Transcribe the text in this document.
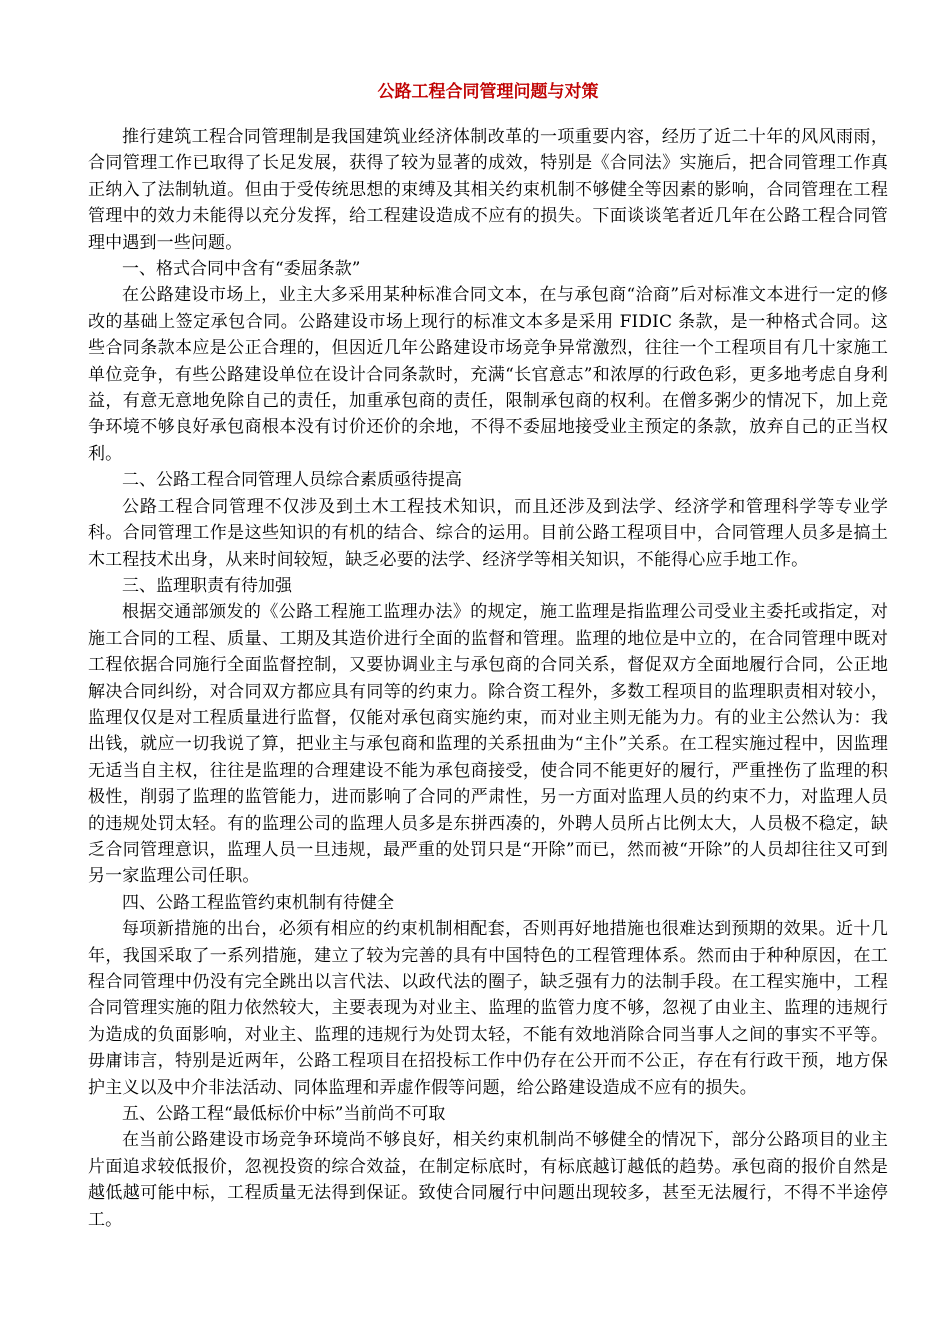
公路工程合同管理问题与对策

推行建筑工程合同管理制是我国建筑业经济体制改革的一项重要内容，经历了近二十年的风风雨雨，合同管理工作已取得了长足发展，获得了较为显著的成效，特别是《合同法》实施后，把合同管理工作真正纳入了法制轨道。但由于受传统思想的束缚及其相关约束机制不够健全等因素的影响，合同管理在工程管理中的效力未能得以充分发挥，给工程建设造成不应有的损失。下面谈谈笔者近几年在公路工程合同管理中遇到一些问题。

一、格式合同中含有“委屈条款”

在公路建设市场上，业主大多采用某种标准合同文本，在与承包商“洽商”后对标准文本进行一定的修改的基础上签定承包合同。公路建设市场上现行的标准文本多是采用 FIDIC 条款，是一种格式合同。这些合同条款本应是公正合理的，但因近几年公路建设市场竞争异常激烈，往往一个工程项目有几十家施工单位竞争，有些公路建设单位在设计合同条款时，充满“长官意志”和浓厚的行政色彩，更多地考虑自身利益，有意无意地免除自己的责任，加重承包商的责任，限制承包商的权利。在僧多粥少的情况下，加上竞争环境不够良好承包商根本没有讨价还价的余地，不得不委屈地接受业主预定的条款，放弃自己的正当权利。

二、公路工程合同管理人员综合素质亟待提高

公路工程合同管理不仅涉及到土木工程技术知识，而且还涉及到法学、经济学和管理科学等专业学科。合同管理工作是这些知识的有机的结合、综合的运用。目前公路工程项目中，合同管理人员多是搞土木工程技术出身，从来时间较短，缺乏必要的法学、经济学等相关知识，不能得心应手地工作。

三、监理职责有待加强

根据交通部颁发的《公路工程施工监理办法》的规定，施工监理是指监理公司受业主委托或指定，对施工合同的工程、质量、工期及其造价进行全面的监督和管理。监理的地位是中立的，在合同管理中既对工程依据合同施行全面监督控制，又要协调业主与承包商的合同关系，督促双方全面地履行合同，公正地解决合同纠纷，对合同双方都应具有同等的约束力。除合资工程外，多数工程项目的监理职责相对较小，监理仅仅是对工程质量进行监督，仅能对承包商实施约束，而对业主则无能为力。有的业主公然认为：我出钱，就应一切我说了算，把业主与承包商和监理的关系扭曲为“主仆”关系。在工程实施过程中，因监理无适当自主权，往往是监理的合理建设不能为承包商接受，使合同不能更好的履行，严重挫伤了监理的积极性，削弱了监理的监管能力，进而影响了合同的严肃性，另一方面对监理人员的约束不力，对监理人员的违规处罚太轻。有的监理公司的监理人员多是东拼西凑的，外聘人员所占比例太大，人员极不稳定，缺乏合同管理意识，监理人员一旦违规，最严重的处罚只是“开除”而已，然而被“开除”的人员却往往又可到另一家监理公司任职。

四、公路工程监管约束机制有待健全

每项新措施的出台，必须有相应的约束机制相配套，否则再好地措施也很难达到预期的效果。近十几年，我国采取了一系列措施，建立了较为完善的具有中国特色的工程管理体系。然而由于种种原因，在工程合同管理中仍没有完全跳出以言代法、以政代法的圈子，缺乏强有力的法制手段。在工程实施中，工程合同管理实施的阻力依然较大，主要表现为对业主、监理的监管力度不够，忽视了由业主、监理的违规行为造成的负面影响，对业主、监理的违规行为处罚太轻，不能有效地消除合同当事人之间的事实不平等。毋庸讳言，特别是近两年，公路工程项目在招投标工作中仍存在公开而不公正，存在有行政干预，地方保护主义以及中介非法活动、同体监理和弄虚作假等问题，给公路建设造成不应有的损失。

五、公路工程“最低标价中标”当前尚不可取

在当前公路建设市场竞争环境尚不够良好，相关约束机制尚不够健全的情况下，部分公路项目的业主片面追求较低报价，忽视投资的综合效益，在制定标底时，有标底越订越低的趋势。承包商的报价自然是越低越可能中标，工程质量无法得到保证。致使合同履行中问题出现较多，甚至无法履行，不得不半途停工。
